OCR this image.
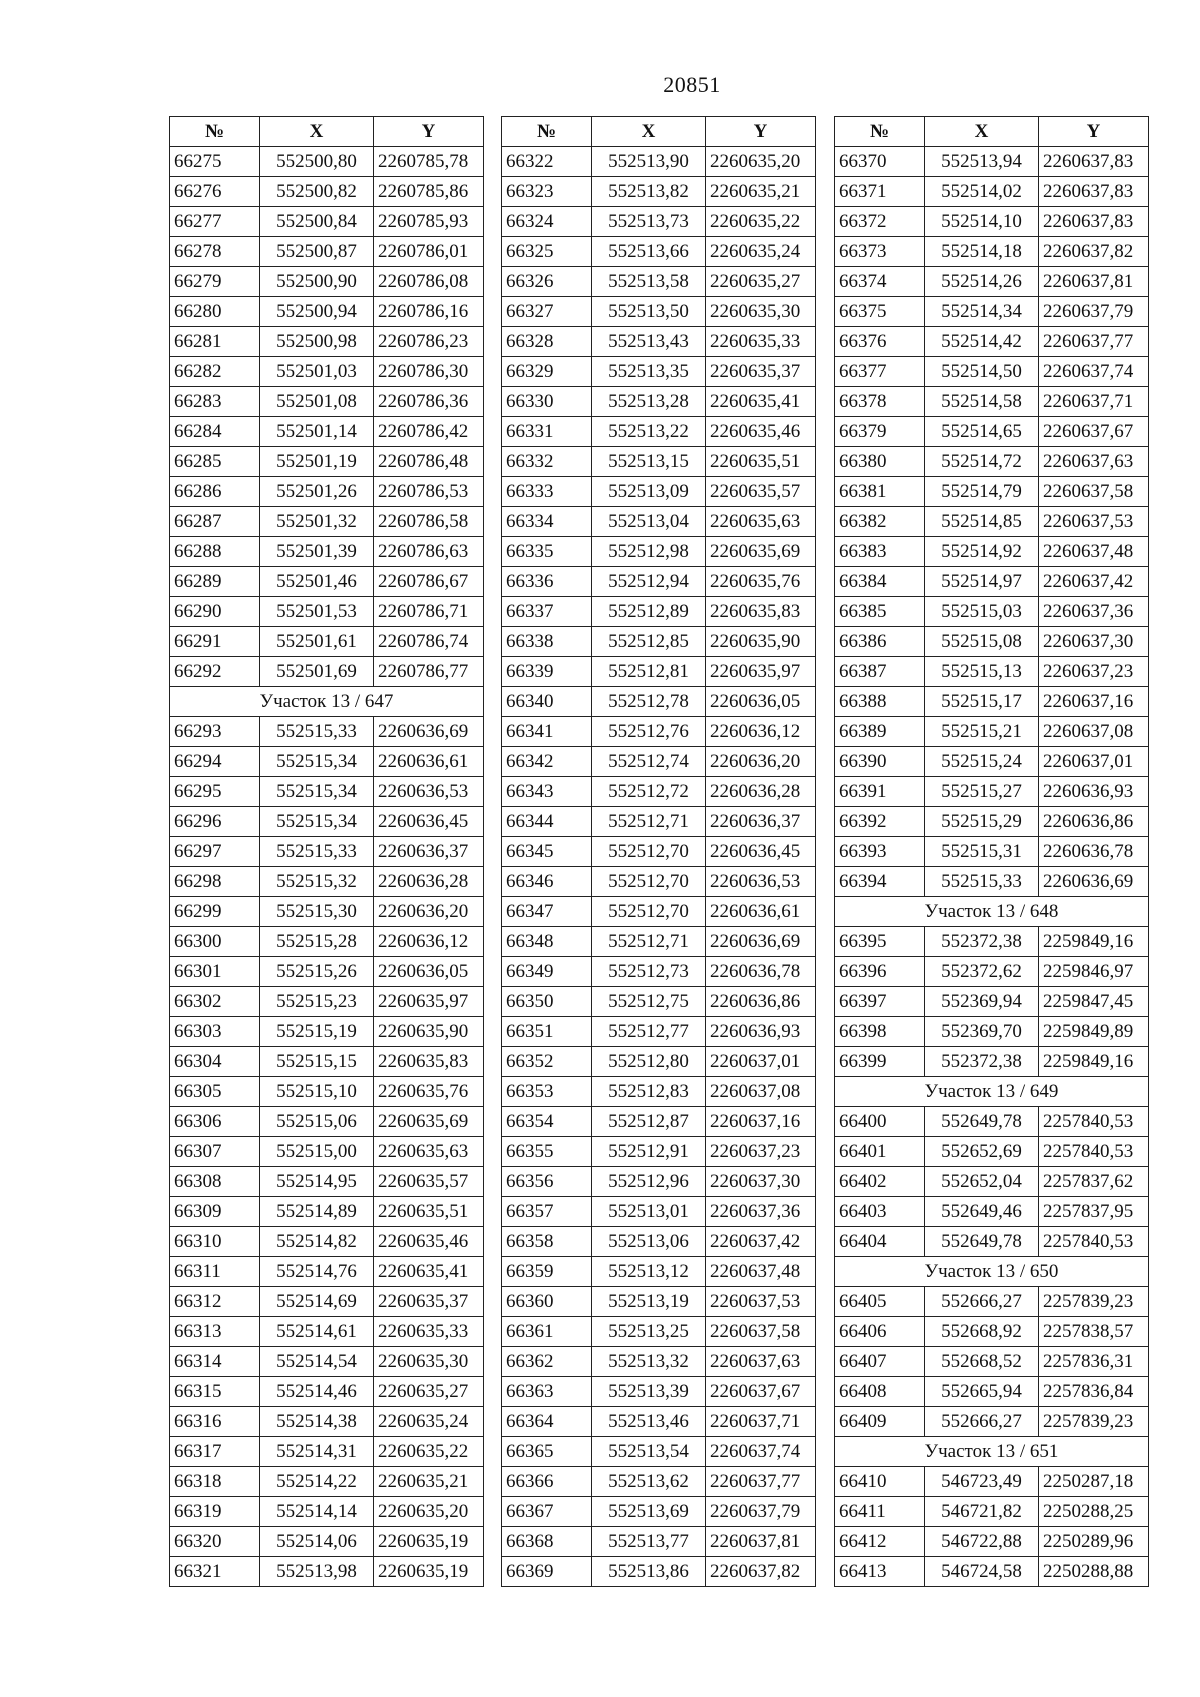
20851
№	X	Y
66275	552500,80	2260785,78
66276	552500,82	2260785,86
66277	552500,84	2260785,93
66278	552500,87	2260786,01
66279	552500,90	2260786,08
66280	552500,94	2260786,16
66281	552500,98	2260786,23
66282	552501,03	2260786,30
66283	552501,08	2260786,36
66284	552501,14	2260786,42
66285	552501,19	2260786,48
66286	552501,26	2260786,53
66287	552501,32	2260786,58
66288	552501,39	2260786,63
66289	552501,46	2260786,67
66290	552501,53	2260786,71
66291	552501,61	2260786,74
66292	552501,69	2260786,77
Участок 13 / 647		
66293	552515,33	2260636,69
66294	552515,34	2260636,61
66295	552515,34	2260636,53
66296	552515,34	2260636,45
66297	552515,33	2260636,37
66298	552515,32	2260636,28
66299	552515,30	2260636,20
66300	552515,28	2260636,12
66301	552515,26	2260636,05
66302	552515,23	2260635,97
66303	552515,19	2260635,90
66304	552515,15	2260635,83
66305	552515,10	2260635,76
66306	552515,06	2260635,69
66307	552515,00	2260635,63
66308	552514,95	2260635,57
66309	552514,89	2260635,51
66310	552514,82	2260635,46
66311	552514,76	2260635,41
66312	552514,69	2260635,37
66313	552514,61	2260635,33
66314	552514,54	2260635,30
66315	552514,46	2260635,27
66316	552514,38	2260635,24
66317	552514,31	2260635,22
66318	552514,22	2260635,21
66319	552514,14	2260635,20
66320	552514,06	2260635,19
66321	552513,98	2260635,19
№	X	Y
66322	552513,90	2260635,20
66323	552513,82	2260635,21
66324	552513,73	2260635,22
66325	552513,66	2260635,24
66326	552513,58	2260635,27
66327	552513,50	2260635,30
66328	552513,43	2260635,33
66329	552513,35	2260635,37
66330	552513,28	2260635,41
66331	552513,22	2260635,46
66332	552513,15	2260635,51
66333	552513,09	2260635,57
66334	552513,04	2260635,63
66335	552512,98	2260635,69
66336	552512,94	2260635,76
66337	552512,89	2260635,83
66338	552512,85	2260635,90
66339	552512,81	2260635,97
66340	552512,78	2260636,05
66341	552512,76	2260636,12
66342	552512,74	2260636,20
66343	552512,72	2260636,28
66344	552512,71	2260636,37
66345	552512,70	2260636,45
66346	552512,70	2260636,53
66347	552512,70	2260636,61
66348	552512,71	2260636,69
66349	552512,73	2260636,78
66350	552512,75	2260636,86
66351	552512,77	2260636,93
66352	552512,80	2260637,01
66353	552512,83	2260637,08
66354	552512,87	2260637,16
66355	552512,91	2260637,23
66356	552512,96	2260637,30
66357	552513,01	2260637,36
66358	552513,06	2260637,42
66359	552513,12	2260637,48
66360	552513,19	2260637,53
66361	552513,25	2260637,58
66362	552513,32	2260637,63
66363	552513,39	2260637,67
66364	552513,46	2260637,71
66365	552513,54	2260637,74
66366	552513,62	2260637,77
66367	552513,69	2260637,79
66368	552513,77	2260637,81
66369	552513,86	2260637,82
№	X	Y
66370	552513,94	2260637,83
66371	552514,02	2260637,83
66372	552514,10	2260637,83
66373	552514,18	2260637,82
66374	552514,26	2260637,81
66375	552514,34	2260637,79
66376	552514,42	2260637,77
66377	552514,50	2260637,74
66378	552514,58	2260637,71
66379	552514,65	2260637,67
66380	552514,72	2260637,63
66381	552514,79	2260637,58
66382	552514,85	2260637,53
66383	552514,92	2260637,48
66384	552514,97	2260637,42
66385	552515,03	2260637,36
66386	552515,08	2260637,30
66387	552515,13	2260637,23
66388	552515,17	2260637,16
66389	552515,21	2260637,08
66390	552515,24	2260637,01
66391	552515,27	2260636,93
66392	552515,29	2260636,86
66393	552515,31	2260636,78
66394	552515,33	2260636,69
Участок 13 / 648		
66395	552372,38	2259849,16
66396	552372,62	2259846,97
66397	552369,94	2259847,45
66398	552369,70	2259849,89
66399	552372,38	2259849,16
Участок 13 / 649		
66400	552649,78	2257840,53
66401	552652,69	2257840,53
66402	552652,04	2257837,62
66403	552649,46	2257837,95
66404	552649,78	2257840,53
Участок 13 / 650		
66405	552666,27	2257839,23
66406	552668,92	2257838,57
66407	552668,52	2257836,31
66408	552665,94	2257836,84
66409	552666,27	2257839,23
Участок 13 / 651		
66410	546723,49	2250287,18
66411	546721,82	2250288,25
66412	546722,88	2250289,96
66413	546724,58	2250288,88
